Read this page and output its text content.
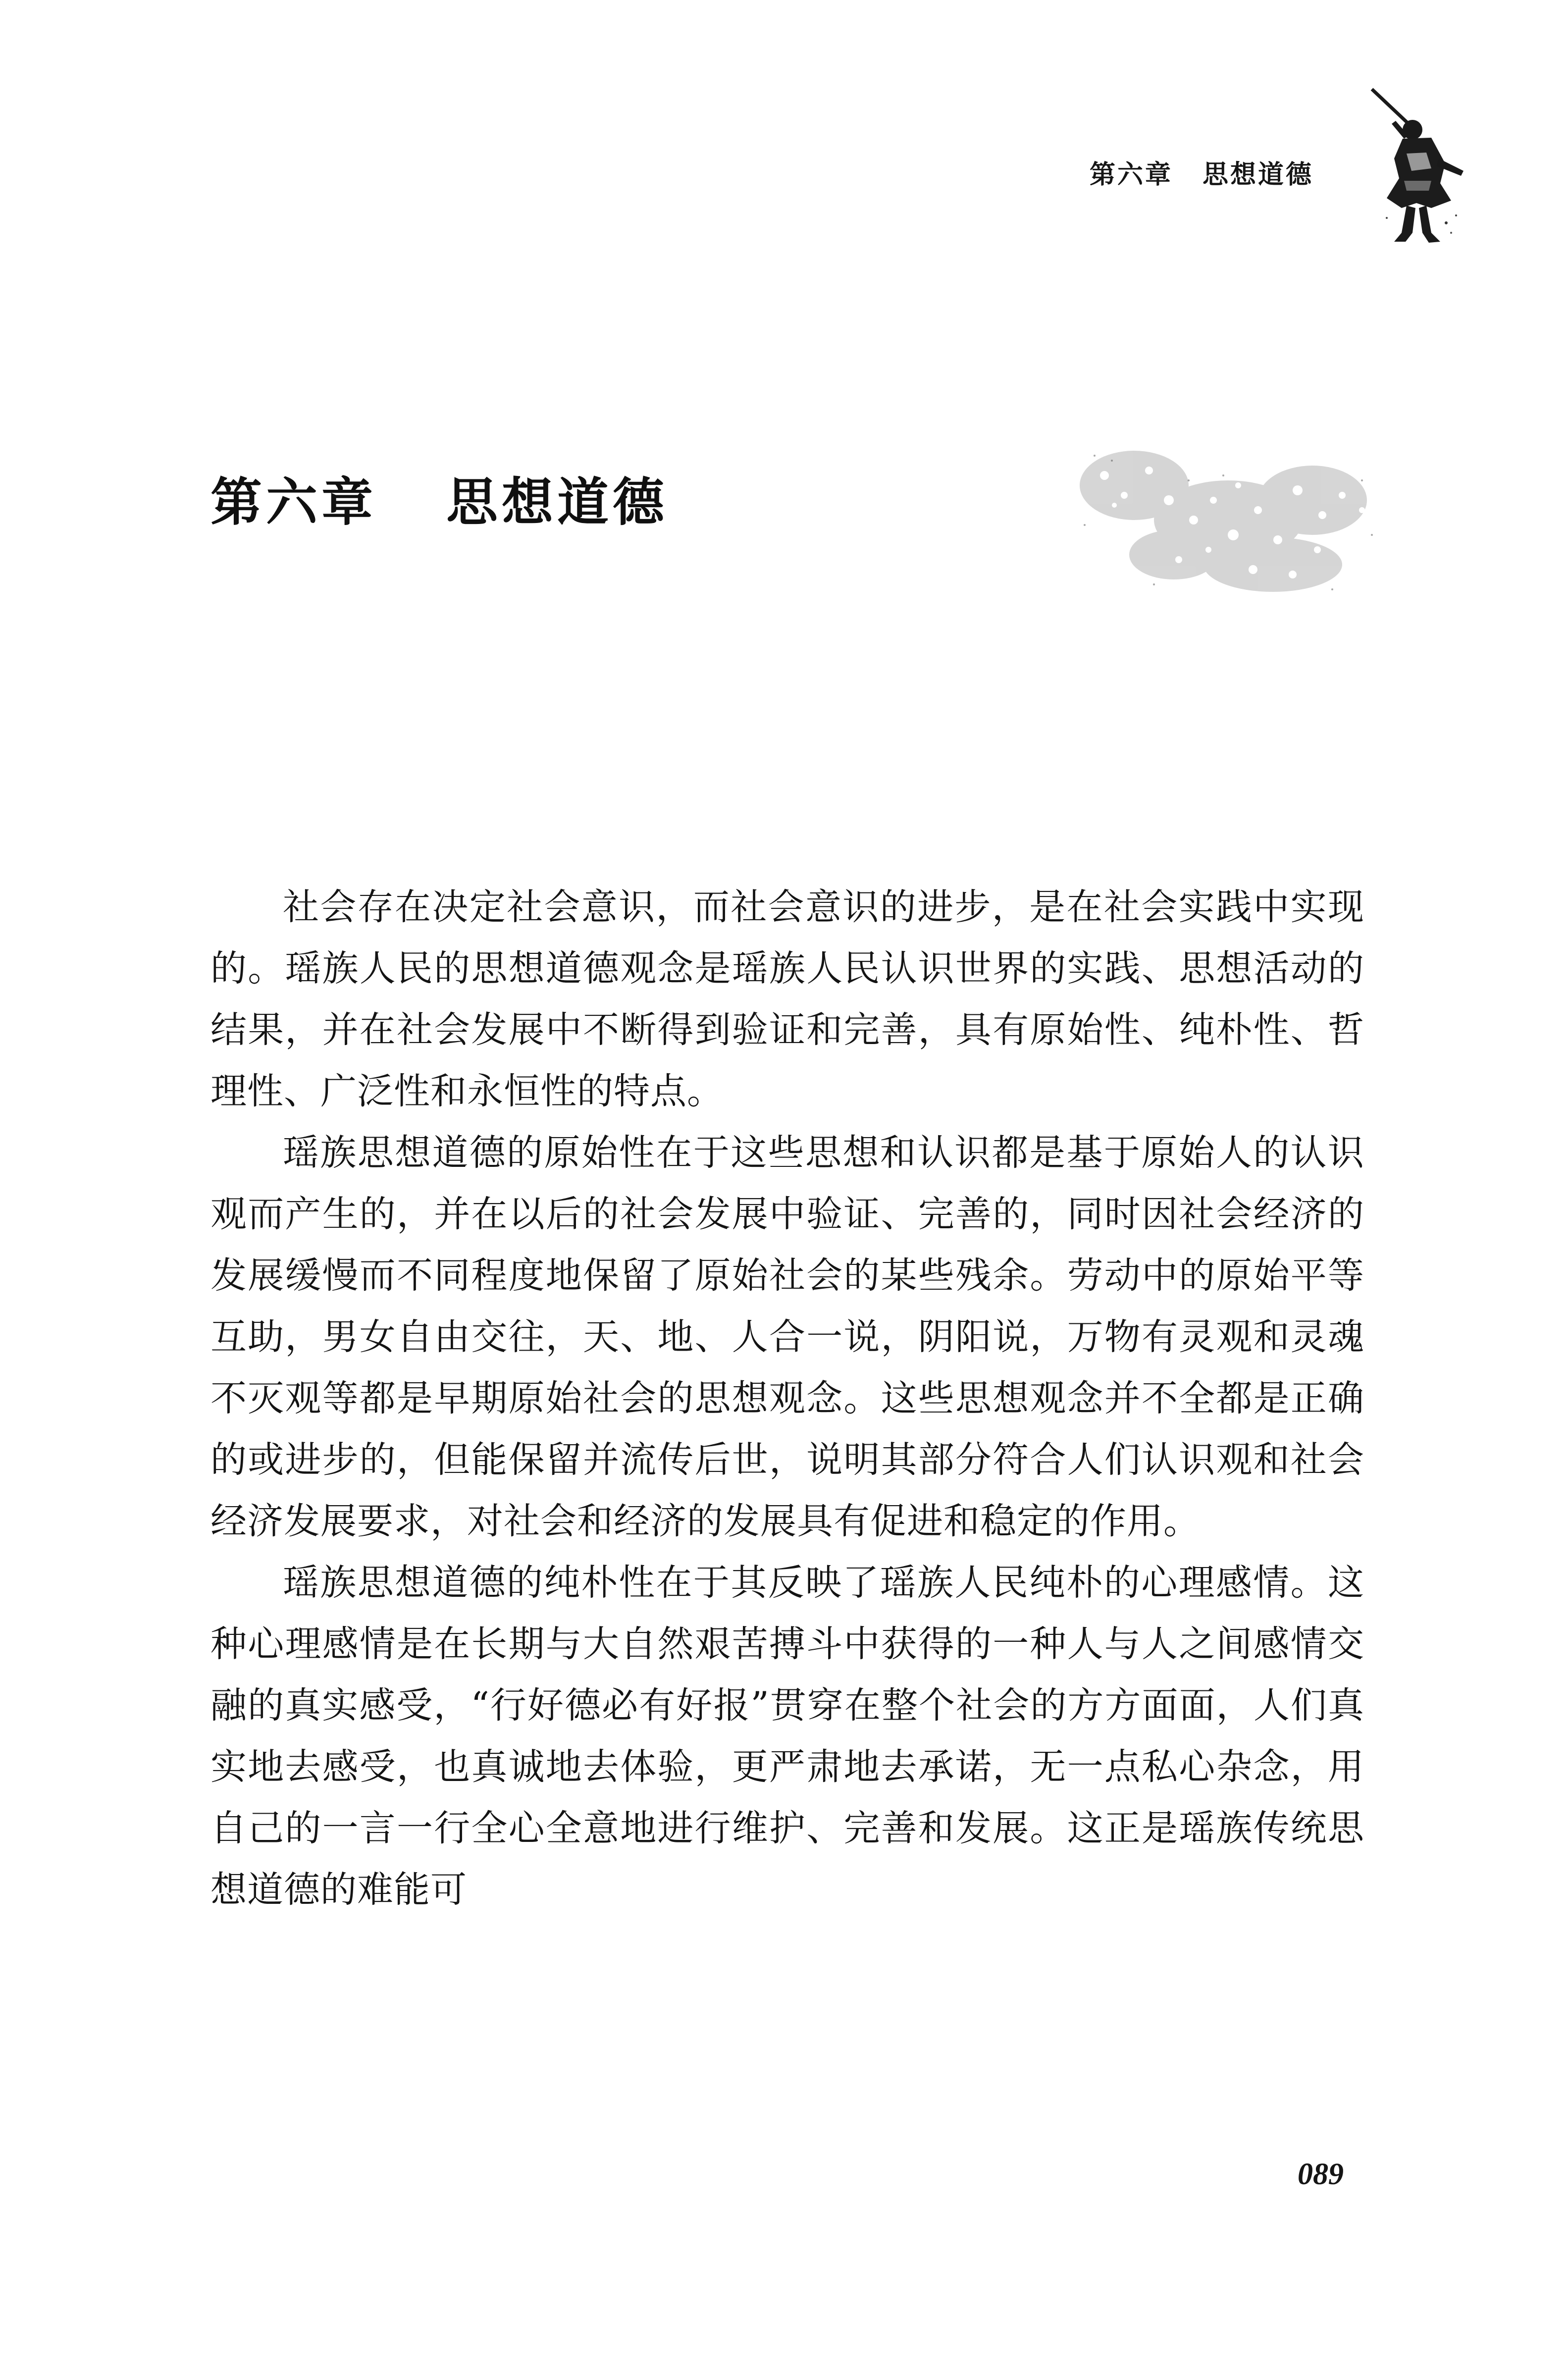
第六章 思想道德
第六章 思想道德

社会存在决定社会意识，而社会意识的进步，是在社会实践中实现的。瑶族人民的思想道德观念是瑶族人民认识世界的实践、思想活动的结果，并在社会发展中不断得到验证和完善，具有原始性、纯朴性、哲理性、广泛性和永恒性的特点。

瑶族思想道德的原始性在于这些思想和认识都是基于原始人的认识观而产生的，并在以后的社会发展中验证、完善的，同时因社会经济的发展缓慢而不同程度地保留了原始社会的某些残余。劳动中的原始平等互助，男女自由交往，天、地、人合一说，阴阳说，万物有灵观和灵魂不灭观等都是早期原始社会的思想观念。这些思想观念并不全都是正确的或进步的，但能保留并流传后世，说明其部分符合人们认识观和社会经济发展要求，对社会和经济的发展具有促进和稳定的作用。

瑶族思想道德的纯朴性在于其反映了瑶族人民纯朴的心理感情。这种心理感情是在长期与大自然艰苦搏斗中获得的一种人与人之间感情交融的真实感受，“行好德必有好报”贯穿在整个社会的方方面面，人们真实地去感受，也真诚地去体验，更严肃地去承诺，无一点私心杂念，用自己的一言一行全心全意地进行维护、完善和发展。这正是瑶族传统思想道德的难能可

089
